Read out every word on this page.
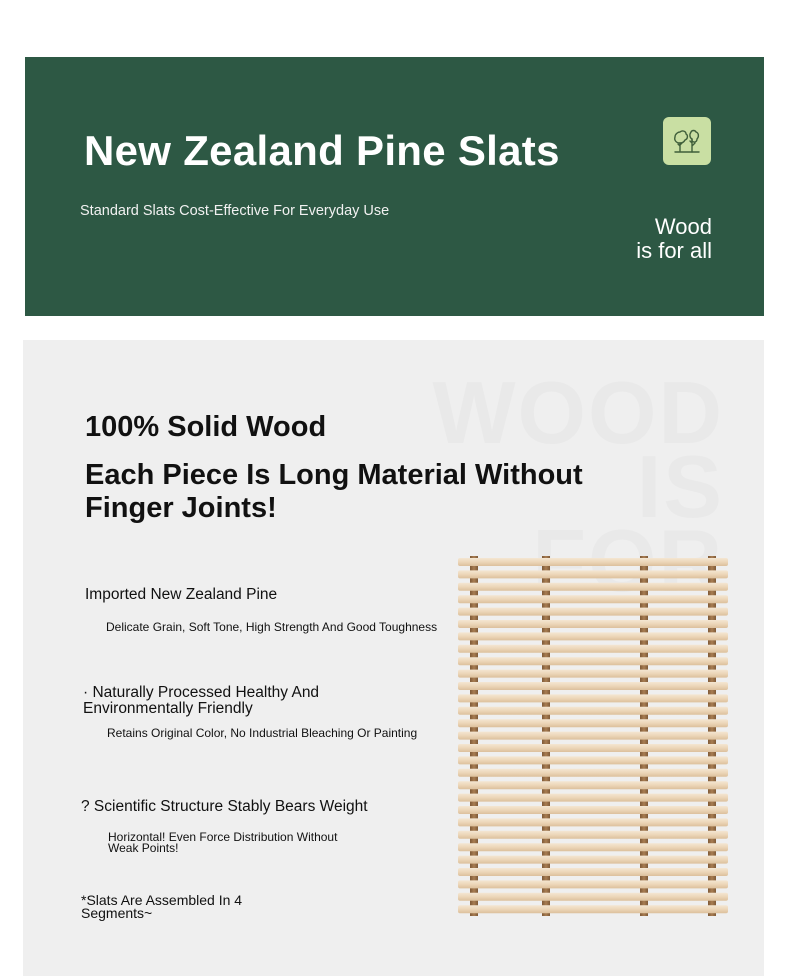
New Zealand Pine Slats
Standard Slats Cost-Effective For Everyday Use
Wood
is for all
WOOD
IS
100% Solid Wood
Each Piece Is Long Material Without Finger Joints!
Imported New Zealand Pine
Delicate Grain, Soft Tone, High Strength And Good Toughness
· Naturally Processed Healthy And Environmentally Friendly
Retains Original Color, No Industrial Bleaching Or Painting
? Scientific Structure Stably Bears Weight
Horizontal! Even Force Distribution Without Weak Points!
*Slats Are Assembled In 4 Segments~
